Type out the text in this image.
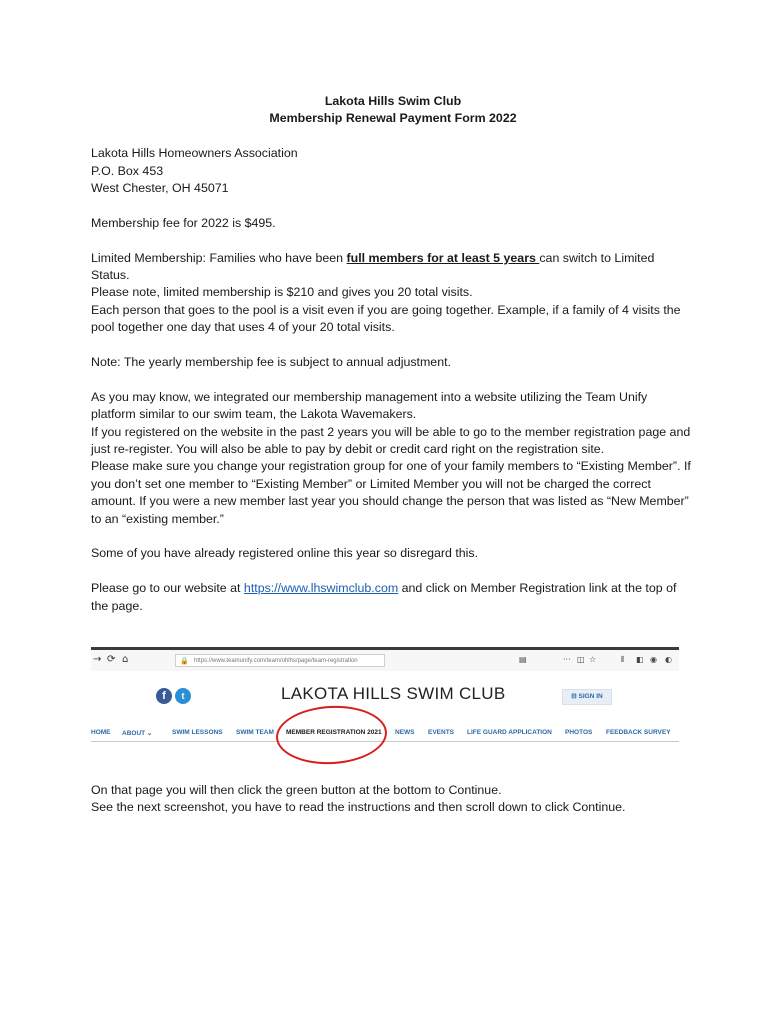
Lakota Hills Swim Club
Membership Renewal Payment Form 2022

Lakota Hills Homeowners Association

P.O. Box 453

West Chester, OH 45071

Membership fee for 2022 is $495.

Limited Membership: Families who have been full members for at least 5 years can switch to Limited Status.

Please note, limited membership is $210 and gives you 20 total visits.

Each person that goes to the pool is a visit even if you are going together. Example, if a family of 4 visits the pool together one day that uses 4 of your 20 total visits.

Note: The yearly membership fee is subject to annual adjustment.

As you may know, we integrated our membership management into a website utilizing the Team Unify platform similar to our swim team, the Lakota Wavemakers.

If you registered on the website in the past 2 years you will be able to go to the member registration page and just re-register. You will also be able to pay by debit or credit card right on the registration site.

Please make sure you change your registration group for one of your family members to “Existing Member”. If you don’t set one member to “Existing Member” or Limited Member you will not be charged the correct amount. If you were a new member last year you should change the person that was listed as “New Member” to an “existing member.”

Some of you have already registered online this year so disregard this.

Please go to our website at https://www.lhswimclub.com and click on Member Registration link at the top of the page.

→ ⟳ ⌂	🔒 https://www.teamunify.com/team/ohlhs/page/team-registration	▤	··· ◫ ☆	⫴ ◧ ◉ ◐
f	t	LAKOTA HILLS SWIM CLUB	⊟ SIGN IN
HOME ABOUT ⌄	SWIM LESSONS SWIM TEAM MEMBER REGISTRATION 2021 NEWS EVENTS LIFE GUARD APPLICATION PHOTOS FEEDBACK SURVEY

On that page you will then click the green button at the bottom to Continue.

See the next screenshot, you have to read the instructions and then scroll down to click Continue.
